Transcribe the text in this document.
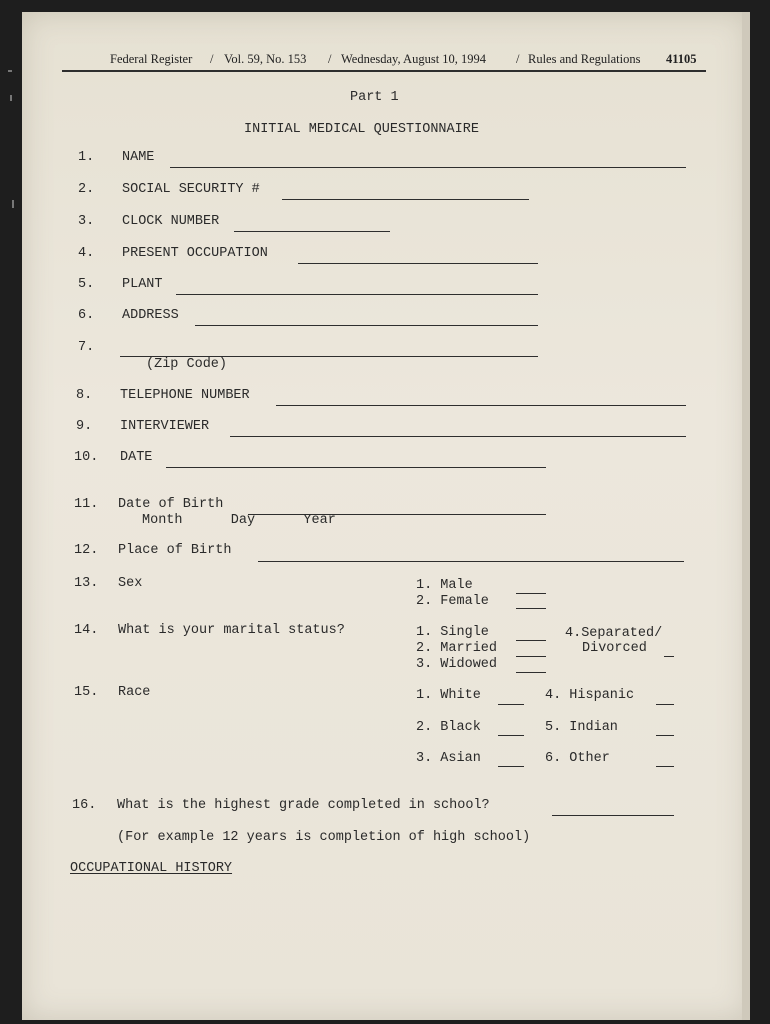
Federal Register / Vol. 59, No. 153 / Wednesday, August 10, 1994 / Rules and Regulations 41105
Part 1
INITIAL MEDICAL QUESTIONNAIRE
1. NAME
2. SOCIAL SECURITY #
3. CLOCK NUMBER
4. PRESENT OCCUPATION
5. PLANT
6. ADDRESS
7.
(Zip Code)
8. TELEPHONE NUMBER
9. INTERVIEWER
10. DATE
11. Date of Birth
Month   Day   Year
12. Place of Birth
13. Sex	1. Male
2. Female
14. What is your marital status?	1. Single
2. Married
3. Widowed
4.Separated/
Divorced
15. Race	1. White	4. Hispanic
2. Black	5. Indian
3. Asian	6. Other
16. What is the highest grade completed in school?
(For example 12 years is completion of high school)
OCCUPATIONAL HISTORY
